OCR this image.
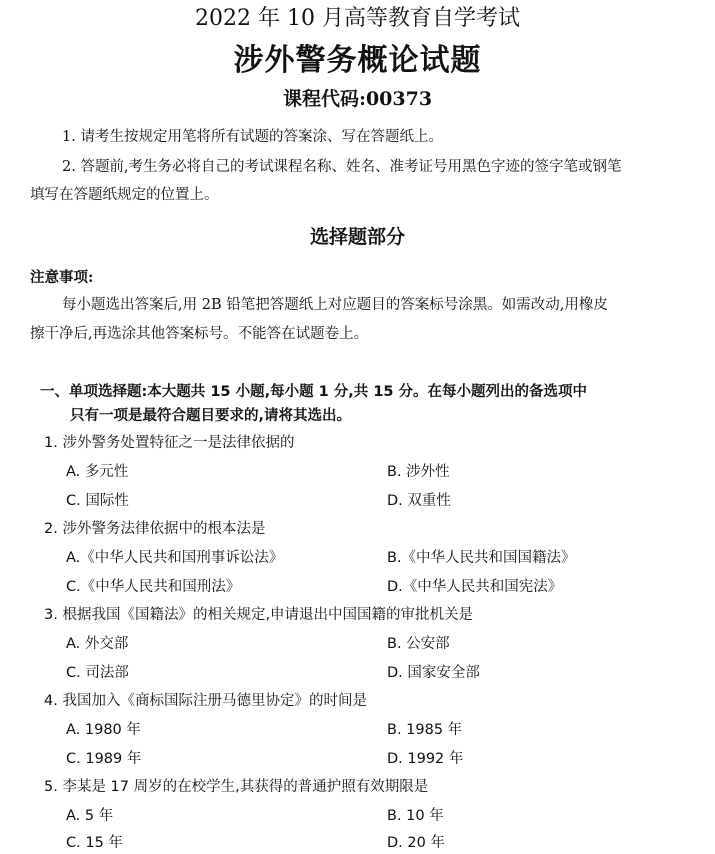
2022 年 10 月高等教育自学考试
涉外警务概论试题
课程代码:00373
1. 请考生按规定用笔将所有试题的答案涂、写在答题纸上。
2. 答题前,考生务必将自己的考试课程名称、姓名、准考证号用黑色字迹的签字笔或钢笔
填写在答题纸规定的位置上。
选择题部分
注意事项:
每小题选出答案后,用 2B 铅笔把答题纸上对应题目的答案标号涂黑。如需改动,用橡皮
擦干净后,再选涂其他答案标号。不能答在试题卷上。
一、单项选择题:本大题共 15 小题,每小题 1 分,共 15 分。在每小题列出的备选项中
只有一项是最符合题目要求的,请将其选出。
1. 涉外警务处置特征之一是法律依据的
A. 多元性	B. 涉外性
C. 国际性	D. 双重性
2. 涉外警务法律依据中的根本法是
A.《中华人民共和国刑事诉讼法》	B.《中华人民共和国国籍法》
C.《中华人民共和国刑法》	D.《中华人民共和国宪法》
3. 根据我国《国籍法》的相关规定,申请退出中国国籍的审批机关是
A. 外交部	B. 公安部
C. 司法部	D. 国家安全部
4. 我国加入《商标国际注册马德里协定》的时间是
A. 1980 年	B. 1985 年
C. 1989 年	D. 1992 年
5. 李某是 17 周岁的在校学生,其获得的普通护照有效期限是
A. 5 年	B. 10 年
C. 15 年	D. 20 年
